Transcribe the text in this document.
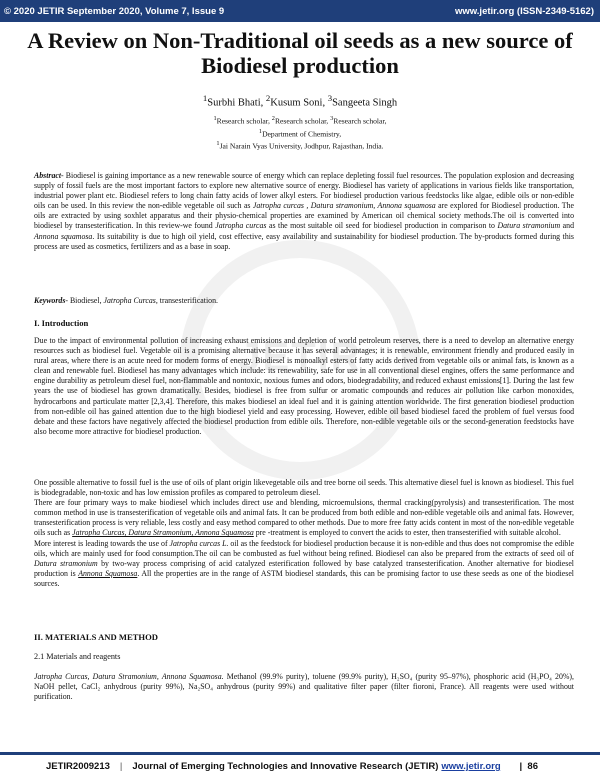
© 2020 JETIR September 2020, Volume 7, Issue 9	www.jetir.org (ISSN-2349-5162)
A Review on Non-Traditional oil seeds as a new source of Biodiesel production
$^1$Surbhi Bhati, $^2$Kusum Soni, $^3$Sangeeta Singh
$^1$Research scholar, $^2$Research scholar, $^3$Research scholar,
$^1$Department of Chemistry,
$^1$Jai Narain Vyas University, Jodhpur, Rajasthan, India.
JETIR
Abstract- Biodiesel is gaining importance as a new renewable source of energy which can replace depleting fossil fuel resources. The population explosion and decreasing supply of fossil fuels are the most important factors to explore new alternative source of energy. Biodiesel has variety of applications in various fields like transportation, industrial power plant etc. Biodiesel refers to long chain fatty acids of lower alkyl esters. For biodiesel production various feedstocks like algae, edible oils or non-edible oils can be used. In this review the non-edible vegetable oil such as Jatropha curcas , Datura stramonium, Annona squamosa are explored for Biodiesel production. The oils are extracted by using soxhlet apparatus and their physio-chemical properties are examined by American oil chemical society methods.The oil is converted into biodiesel by transesterification. In this review-we found Jatropha curcas as the most suitable oil seed for biodiesel production in comparison to Datura stramonium and Annona squamosa. Its suitability is due to high oil yield, cost effective, easy availability and sustainability for biodiesel production. The by-products formed during this process are used as cosmetics, fertilizers and as a base in soap.
Keywords- Biodiesel, Jatropha Curcas, transesterification.
I. Introduction
Due to the impact of environmental pollution of increasing exhaust emissions and depletion of world petroleum reserves, there is a need to develop an alternative energy resources such as biodiesel fuel. Vegetable oil is a promising alternative because it has several advantages; it is renewable, environment friendly and produced easily in rural areas, where there is an acute need for modern forms of energy. Biodiesel is monoalkyl esters of fatty acids derived from vegetable oils or animal fats, is known as a clean and renewable fuel. Biodiesel has many advantages which include: its renewability, safe for use in all conventional diesel engines, offers the same performance and engine durability as petroleum diesel fuel, non-flammable and nontoxic, noxious fumes and odors, biodegradability, and reduced exhaust emissions[1]. During the last few years the use of biodiesel has grown dramatically. Besides, biodiesel is free from sulfur or aromatic compounds and reduces air pollution like carbon monoxides, hydrocarbons and particulate matter [2,3,4]. Therefore, this makes biodiesel an ideal fuel and it is gaining attention worldwide. The first generation biodiesel production from non-edible oil has gained attention due to the high biodiesel yield and easy processing. However, edible oil based biodiesel faced the problem of fuel versus food debate and these factors have negatively affected the biodiesel production from edible oils. Therefore, non-edible vegetable oils or the second-generation feedstocks have also become more attractive for biodiesel production.
One possible alternative to fossil fuel is the use of oils of plant origin likevegetable oils and tree borne oil seeds. This alternative diesel fuel is known as biodiesel. This fuel is biodegradable, non-toxic and has low emission profiles as compared to petroleum diesel.
There are four primary ways to make biodiesel which includes direct use and blending, microemulsions, thermal cracking(pyrolysis) and transesterification. The most common method in use is transesterification of vegetable oils and animal fats. It can be produced from both edible and non-edible vegetable oils and animal fats. However, transesterification process is very reliable, less costly and easy method compared to other methods. Due to more free fatty acids content in most of the non-edible vegetable oils such as Jatropha Curcas, Datura Stramonium, Annona Squamosa pre -treatment is employed to convert the acids to ester, then transesterified with suitable alcohol.
More interest is leading towards the use of Jatropha curcas L. oil as the feedstock for biodiesel production because it is non-edible and thus does not compromise the edible oils, which are mainly used for food consumption.The oil can be combusted as fuel without being refined. Biodiesel can also be prepared from the extracts of seed oil of Datura stramonium by two-way process comprising of acid catalyzed esterification followed by base catalyzed transesterification. Another alternative for biodiesel production is Annona Squamosa. All the properties are in the range of ASTM biodiesel standards, this can be promising factor to use these seeds as one of the biodiesel sources.
II. MATERIALS AND METHOD
2.1 Materials and reagents
Jatropha Curcas, Datura Stramonium, Annona Squamosa. Methanol (99.9% purity), toluene (99.9% purity), H₂SO₄ (purity 95–97%), phosphoric acid (H₃PO₄ 20%), NaOH pellet, CaCl₂ anhydrous (purity 99%), Na₂SO₄ anhydrous (purity 99%) and qualitative filter paper (filter fioroni, France). All reagents were used without purification.
JETIR2009213 | Journal of Emerging Technologies and Innovative Research (JETIR) www.jetir.org |  86
